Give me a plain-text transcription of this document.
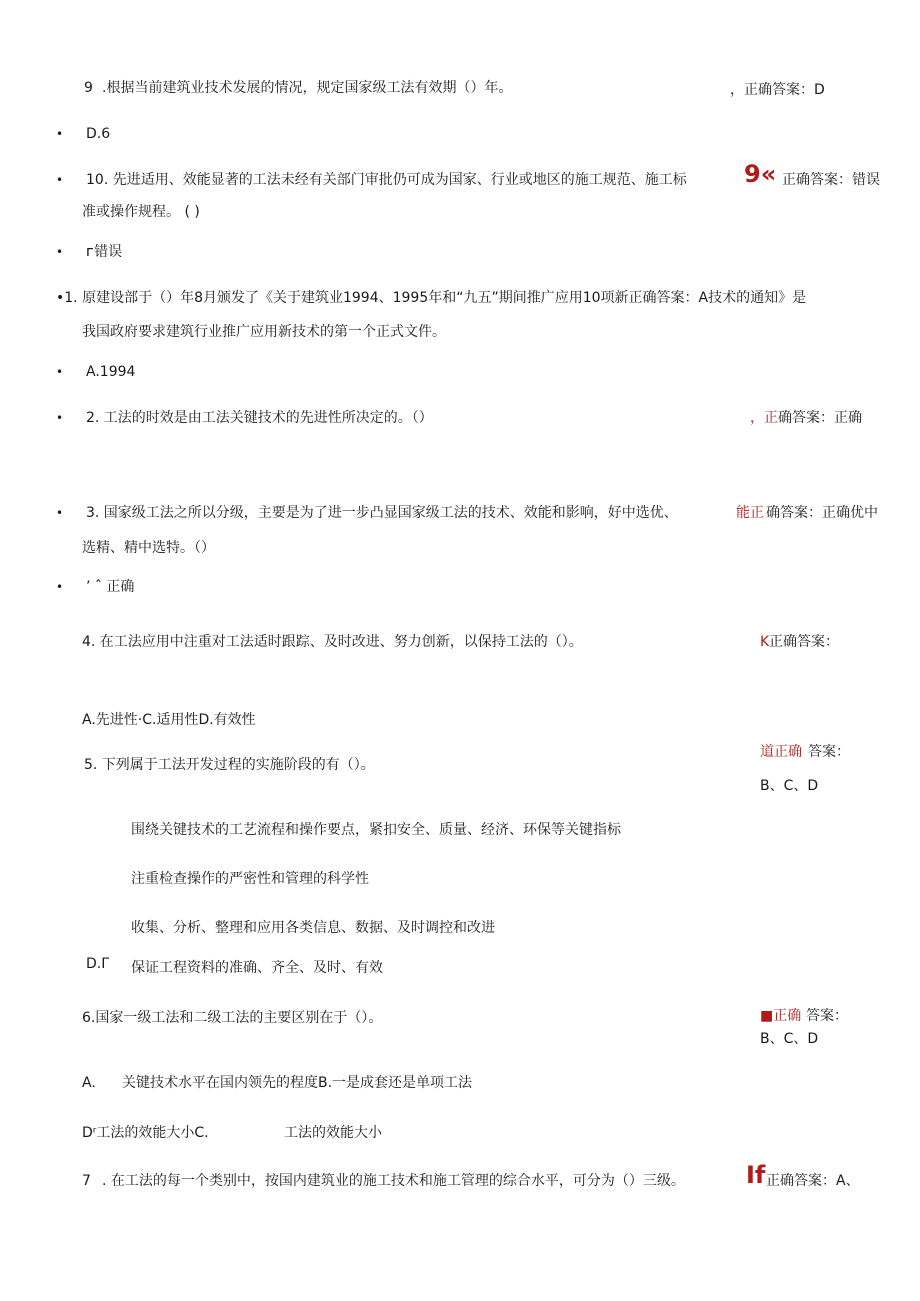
9 .根据当前建筑业技术发展的情况，规定国家级工法有效期（）年。	，正确答案：D
• D.6
• 10. 先进适用、效能显著的工法未经有关部门审批仍可成为国家、行业或地区的施工规范、施工标 9« 正确答案：错误
准或操作规程。 ( )
• ᴦ错误
•1. 原建设部于（）年8月颁发了《关于建筑业1994、1995年和“九五”期间推广应用10项新正确答案：A技术的通知》是
我国政府要求建筑行业推广应用新技术的第一个正式文件。
• A.1994
• 2. 工法的时效是由工法关键技术的先进性所决定的。（）	，正 确答案：正确
• 3. 国家级工法之所以分级，主要是为了进一步凸显国家级工法的技术、效能和影响，好中选优、	能正 确答案：正确优中
选精、精中选特。（）
• ’ ˆ 正确
4. 在工法应用中注重对工法适时跟踪、及时改进、努力创新，以保持工法的（）。	K 正确答案：
A.先进性·C.适用性D.有效性
道正确 答案：
5. 下列属于工法开发过程的实施阶段的有（）。
B、C、D
围绕关键技术的工艺流程和操作要点，紧扣安全、质量、经济、环保等关键指标
注重检查操作的严密性和管理的科学性
收集、分析、整理和应用各类信息、数据、及时调控和改进
D.Γ 保证工程资料的准确、齐全、及时、有效
6.国家一级工法和二级工法的主要区别在于（）。	■正确 答案：
B、C、D
A. 关键技术水平在国内领先的程度B.一是成套还是单项工法
Dʳ工法的效能大小C.	工法的效能大小
7 . 在工法的每一个类别中，按国内建筑业的施工技术和施工管理的综合水平，可分为（）三级。	If 正确答案：A、
